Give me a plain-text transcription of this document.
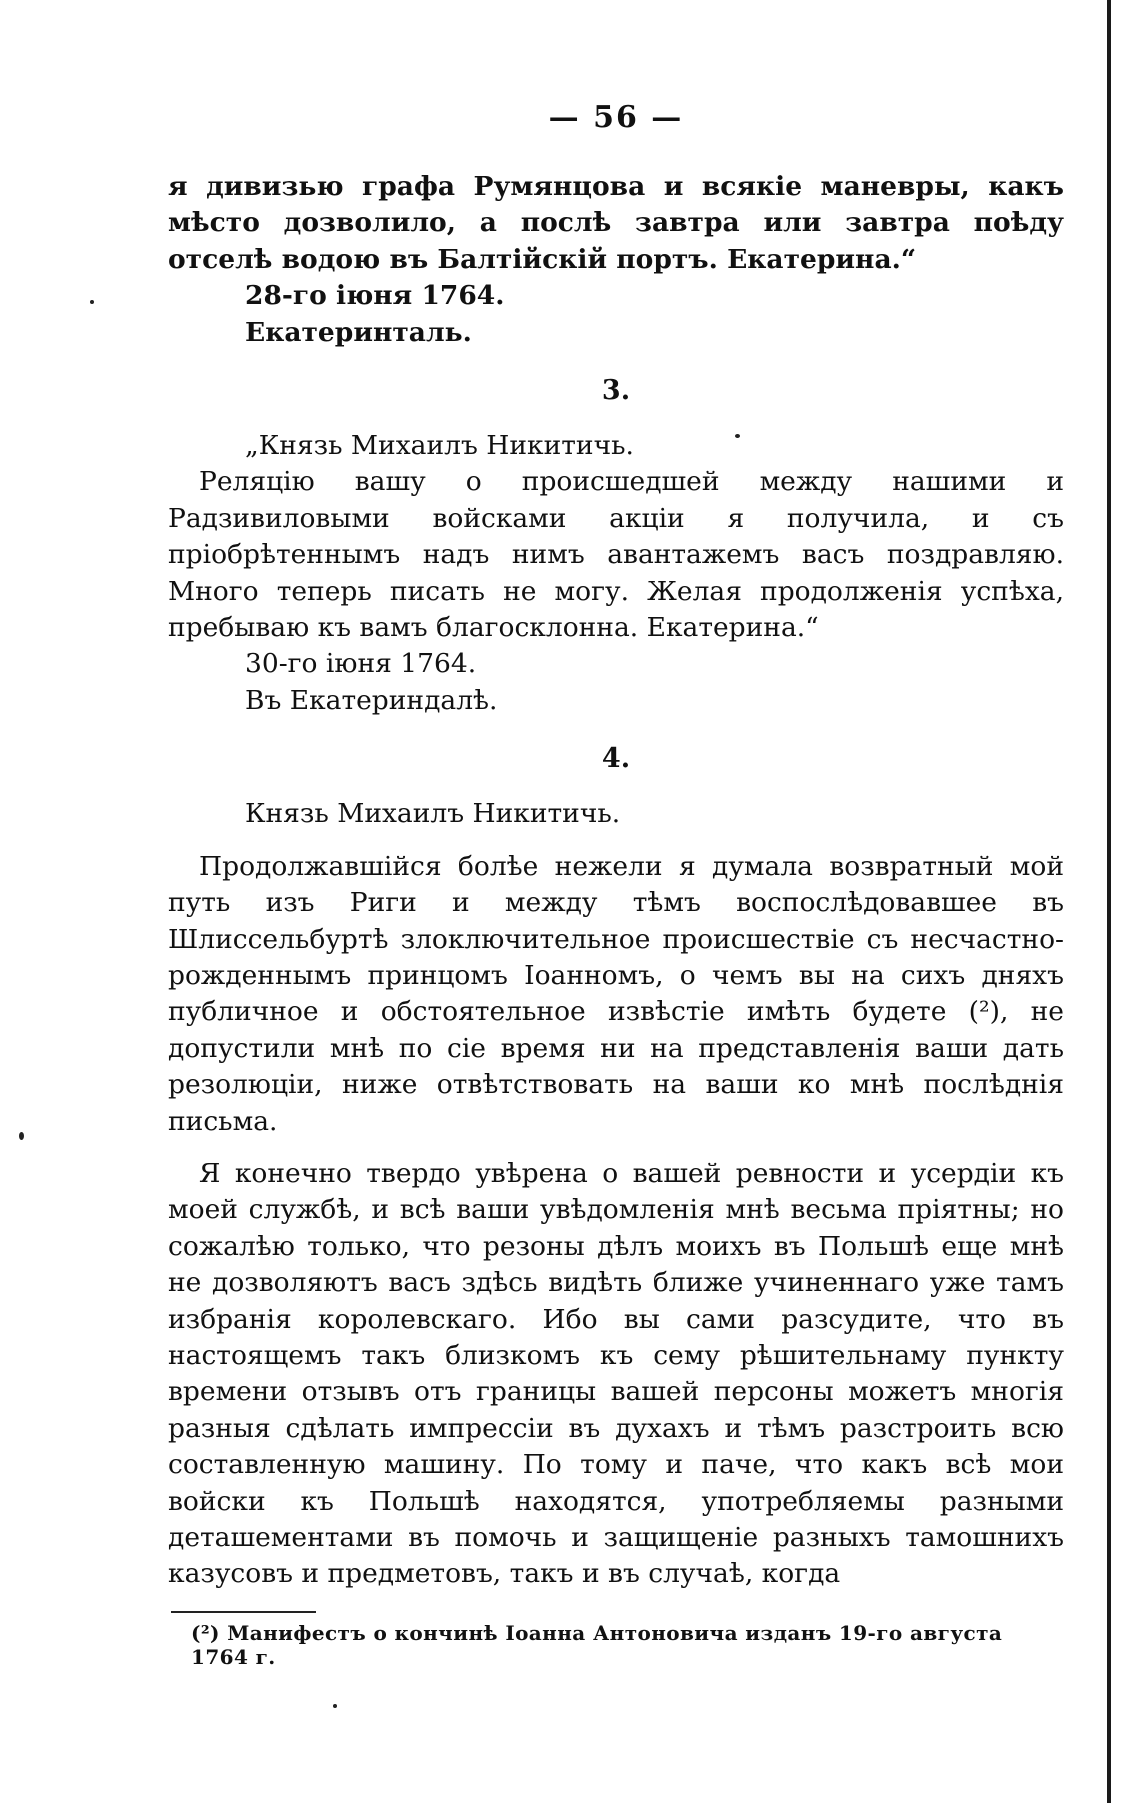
— 56 —

я дивизью графа Румянцова и всякіе маневры, какъ мѣсто дозволило, а послѣ завтра или завтра поѣду отселѣ водою въ Балтійскій портъ. Екатерина.“

28-го іюня 1764.

Екатеринталь.

3.

„Князь Михаилъ Никитичь.

Реляцію вашу о происшедшей между нашими и Радзивиловыми войсками акціи я получила, и съ пріобрѣтеннымъ надъ нимъ авантажемъ васъ поздравляю. Много теперь писать не могу. Желая продолженія успѣха, пребываю къ вамъ благосклонна. Екатерина.“

30-го іюня 1764.

Въ Екатериндалѣ.

4.

Князь Михаилъ Никитичь.

Продолжавшійся болѣе нежели я думала возвратный мой путь изъ Риги и между тѣмъ воспослѣдовавшее въ Шлиссельбуртѣ злоключительное происшествіе съ несчастно-рожденнымъ принцомъ Іоанномъ, о чемъ вы на сихъ дняхъ публичное и обстоятельное извѣстіе имѣть будете (²), не допустили мнѣ по сіе время ни на представленія ваши дать резолюціи, ниже отвѣтствовать на ваши ко мнѣ послѣднія письма.

Я конечно твердо увѣрена о вашей ревности и усердіи къ моей службѣ, и всѣ ваши увѣдомленія мнѣ весьма пріятны; но сожалѣю только, что резоны дѣлъ моихъ въ Польшѣ еще мнѣ не дозволяютъ васъ здѣсь видѣть ближе учиненнаго уже тамъ избранія королевскаго. Ибо вы сами разсудите, что въ настоящемъ такъ близкомъ къ сему рѣшительнаму пункту времени отзывъ отъ границы вашей персоны можетъ многія разныя сдѣлать импрессіи въ духахъ и тѣмъ разстроить всю составленную машину. По тому и паче, что какъ всѣ мои войски къ Польшѣ находятся, употребляемы разными деташементами въ помочь и защищеніе разныхъ тамошнихъ казусовъ и предметовъ, такъ и въ случаѣ, когда

(²) Манифестъ о кончинѣ Іоанна Антоновича изданъ 19-го августа 1764 г.
